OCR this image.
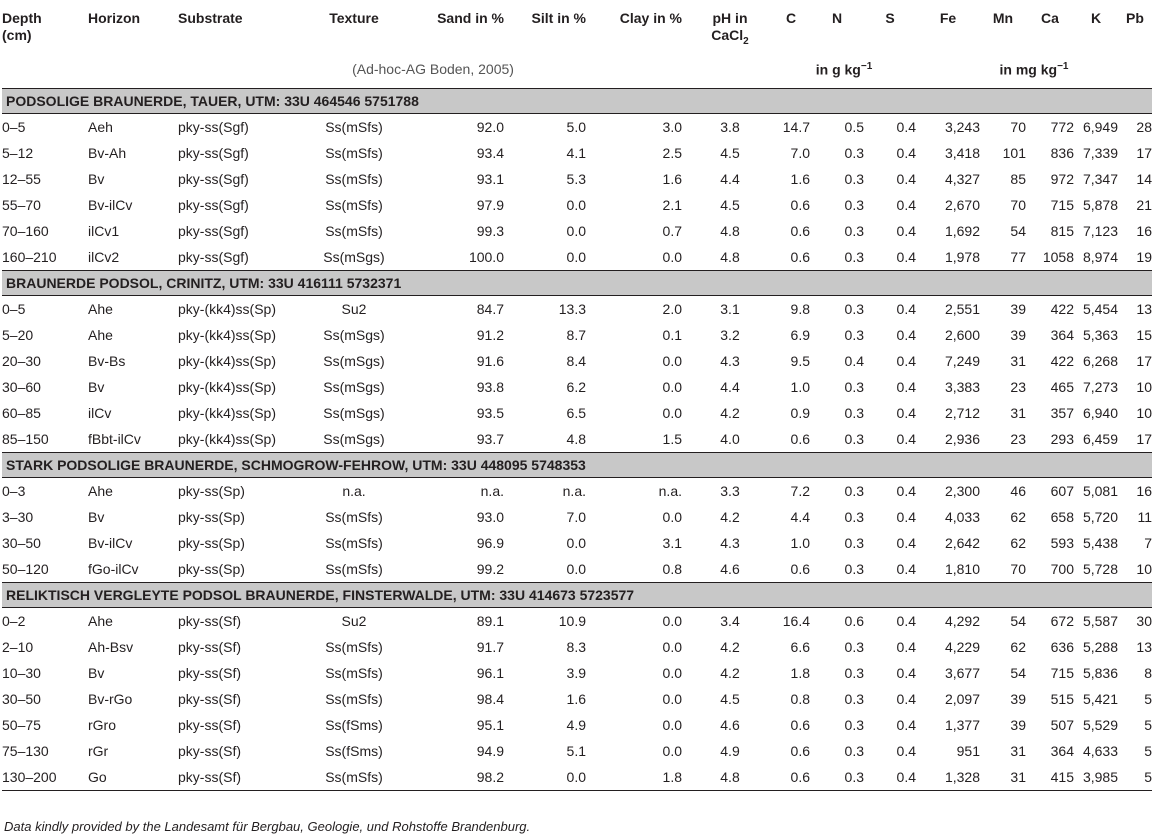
Depth
(cm)	Horizon	Substrate	Texture	Sand in %	Silt in %	Clay in %	pH in
CaCl$_2$	C	N	S	Fe	Mn	Ca	K	Pb
		(Ad-hoc-AG Boden, 2005)						in g $kg^{-1}$			in mg $kg^{-1}$
PODSOLIGE BRAUNERDE, TAUER, UTM: 33U 464546 5751788															
0–5	Aeh	pky-ss(Sgf)	Ss(mSfs)	92.0	5.0	3.0	3.8	14.7	0.5	0.4	3,243	70	772	6,949	28
5–12	Bv-Ah	pky-ss(Sgf)	Ss(mSfs)	93.4	4.1	2.5	4.5	7.0	0.3	0.4	3,418	101	836	7,339	17
12–55	Bv	pky-ss(Sgf)	Ss(mSfs)	93.1	5.3	1.6	4.4	1.6	0.3	0.4	4,327	85	972	7,347	14
55–70	Bv-ilCv	pky-ss(Sgf)	Ss(mSfs)	97.9	0.0	2.1	4.5	0.6	0.3	0.4	2,670	70	715	5,878	21
70–160	ilCv1	pky-ss(Sgf)	Ss(mSfs)	99.3	0.0	0.7	4.8	0.6	0.3	0.4	1,692	54	815	7,123	16
160–210	ilCv2	pky-ss(Sgf)	Ss(mSgs)	100.0	0.0	0.0	4.8	0.6	0.3	0.4	1,978	77	1058	8,974	19
BRAUNERDE PODSOL, CRINITZ, UTM: 33U 416111 5732371															
0–5	Ahe	pky-(kk4)ss(Sp)	Su2	84.7	13.3	2.0	3.1	9.8	0.3	0.4	2,551	39	422	5,454	13
5–20	Ahe	pky-(kk4)ss(Sp)	Ss(mSgs)	91.2	8.7	0.1	3.2	6.9	0.3	0.4	2,600	39	364	5,363	15
20–30	Bv-Bs	pky-(kk4)ss(Sp)	Ss(mSgs)	91.6	8.4	0.0	4.3	9.5	0.4	0.4	7,249	31	422	6,268	17
30–60	Bv	pky-(kk4)ss(Sp)	Ss(mSgs)	93.8	6.2	0.0	4.4	1.0	0.3	0.4	3,383	23	465	7,273	10
60–85	ilCv	pky-(kk4)ss(Sp)	Ss(mSgs)	93.5	6.5	0.0	4.2	0.9	0.3	0.4	2,712	31	357	6,940	10
85–150	fBbt-ilCv	pky-(kk4)ss(Sp)	Ss(mSgs)	93.7	4.8	1.5	4.0	0.6	0.3	0.4	2,936	23	293	6,459	17
STARK PODSOLIGE BRAUNERDE, SCHMOGROW-FEHROW, UTM: 33U 448095 5748353															
0–3	Ahe	pky-ss(Sp)	n.a.	n.a.	n.a.	n.a.	3.3	7.2	0.3	0.4	2,300	46	607	5,081	16
3–30	Bv	pky-ss(Sp)	Ss(mSfs)	93.0	7.0	0.0	4.2	4.4	0.3	0.4	4,033	62	658	5,720	11
30–50	Bv-ilCv	pky-ss(Sp)	Ss(mSfs)	96.9	0.0	3.1	4.3	1.0	0.3	0.4	2,642	62	593	5,438	7
50–120	fGo-ilCv	pky-ss(Sp)	Ss(mSfs)	99.2	0.0	0.8	4.6	0.6	0.3	0.4	1,810	70	700	5,728	10
RELIKTISCH VERGLEYTE PODSOL BRAUNERDE, FINSTERWALDE, UTM: 33U 414673 5723577															
0–2	Ahe	pky-ss(Sf)	Su2	89.1	10.9	0.0	3.4	16.4	0.6	0.4	4,292	54	672	5,587	30
2–10	Ah-Bsv	pky-ss(Sf)	Ss(mSfs)	91.7	8.3	0.0	4.2	6.6	0.3	0.4	4,229	62	636	5,288	13
10–30	Bv	pky-ss(Sf)	Ss(mSfs)	96.1	3.9	0.0	4.2	1.8	0.3	0.4	3,677	54	715	5,836	8
30–50	Bv-rGo	pky-ss(Sf)	Ss(mSfs)	98.4	1.6	0.0	4.5	0.8	0.3	0.4	2,097	39	515	5,421	5
50–75	rGro	pky-ss(Sf)	Ss(fSms)	95.1	4.9	0.0	4.6	0.6	0.3	0.4	1,377	39	507	5,529	5
75–130	rGr	pky-ss(Sf)	Ss(fSms)	94.9	5.1	0.0	4.9	0.6	0.3	0.4	951	31	364	4,633	5
130–200	Go	pky-ss(Sf)	Ss(mSfs)	98.2	0.0	1.8	4.8	0.6	0.3	0.4	1,328	31	415	3,985	5
Data kindly provided by the Landesamt für Bergbau, Geologie, und Rohstoffe Brandenburg.
